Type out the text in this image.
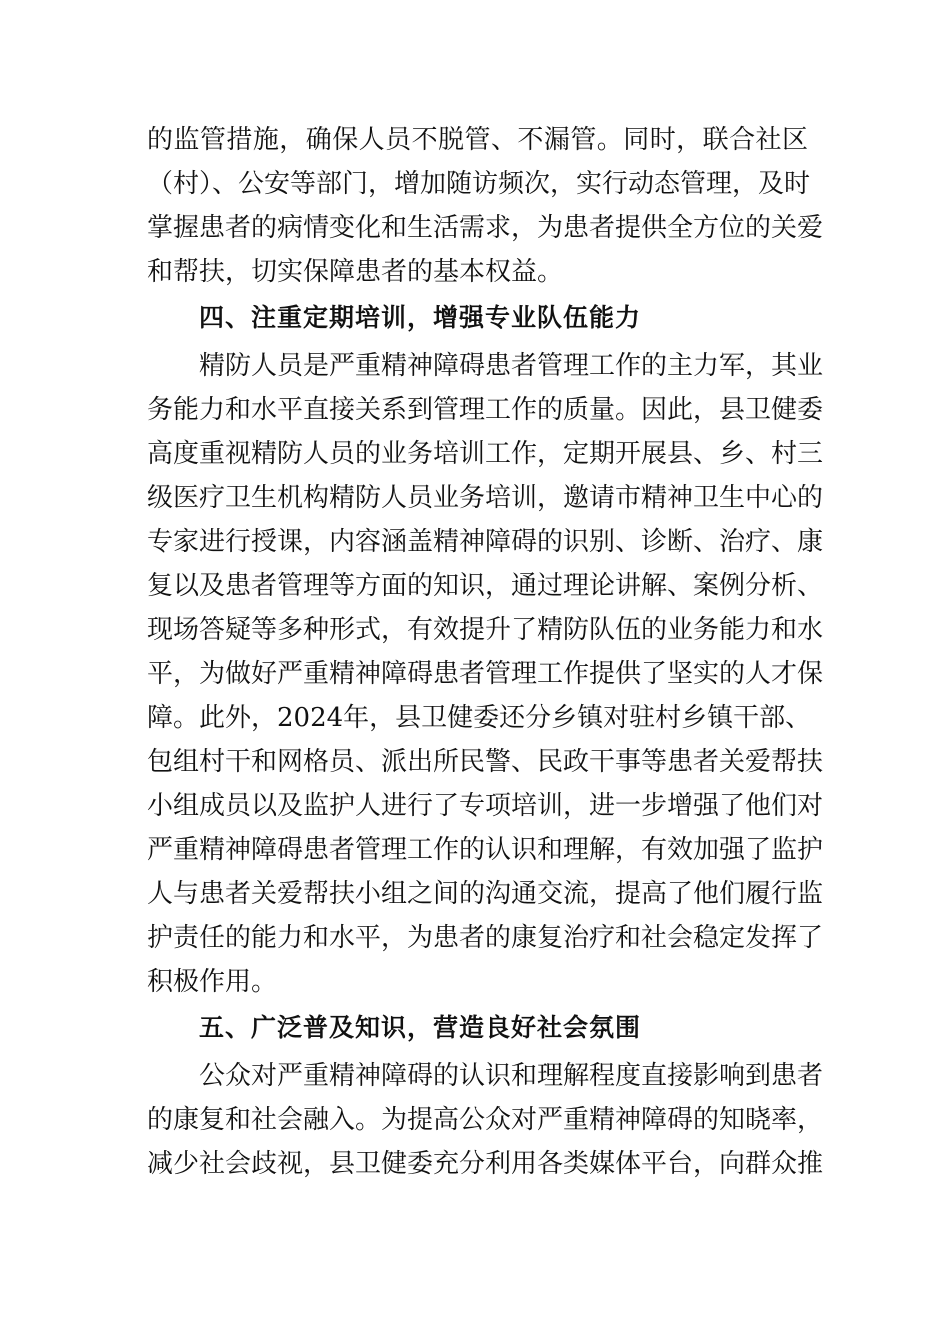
的监管措施，确保人员不脱管、不漏管。同时，联合社区
（村）、公安等部门，增加随访频次，实行动态管理，及时
掌握患者的病情变化和生活需求，为患者提供全方位的关爱
和帮扶，切实保障患者的基本权益。
四、注重定期培训，增强专业队伍能力
精防人员是严重精神障碍患者管理工作的主力军，其业
务能力和水平直接关系到管理工作的质量。因此，县卫健委
高度重视精防人员的业务培训工作，定期开展县、乡、村三
级医疗卫生机构精防人员业务培训，邀请市精神卫生中心的
专家进行授课，内容涵盖精神障碍的识别、诊断、治疗、康
复以及患者管理等方面的知识，通过理论讲解、案例分析、
现场答疑等多种形式，有效提升了精防队伍的业务能力和水
平，为做好严重精神障碍患者管理工作提供了坚实的人才保
障。此外，2024年，县卫健委还分乡镇对驻村乡镇干部、
包组村干和网格员、派出所民警、民政干事等患者关爱帮扶
小组成员以及监护人进行了专项培训，进一步增强了他们对
严重精神障碍患者管理工作的认识和理解，有效加强了监护
人与患者关爱帮扶小组之间的沟通交流，提高了他们履行监
护责任的能力和水平，为患者的康复治疗和社会稳定发挥了
积极作用。
五、广泛普及知识，营造良好社会氛围
公众对严重精神障碍的认识和理解程度直接影响到患者
的康复和社会融入。为提高公众对严重精神障碍的知晓率，
减少社会歧视，县卫健委充分利用各类媒体平台，向群众推
